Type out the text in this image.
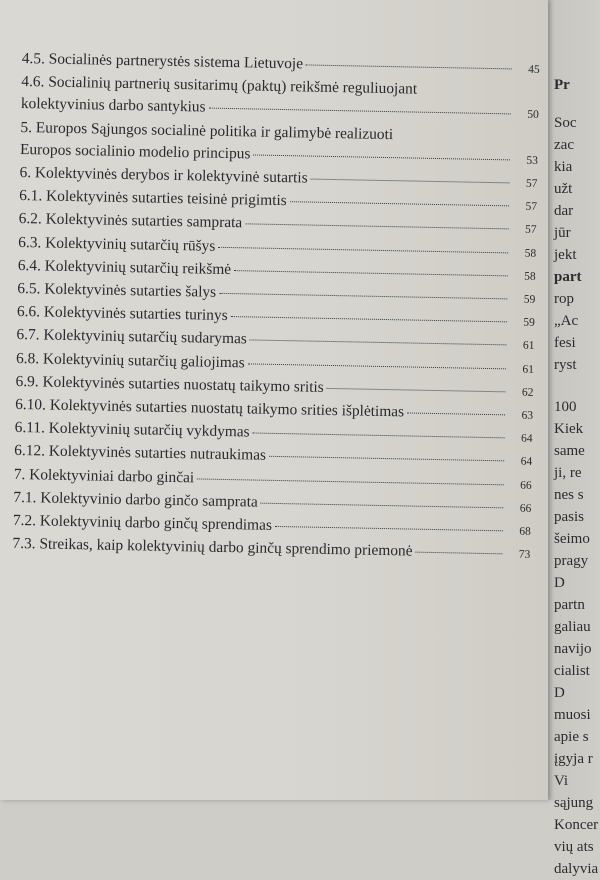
4.5. Socialinės partnerystės sistema Lietuvoje	45
4.6. Socialinių partnerių susitarimų (paktų) reikšmė reguliuojant
kolektyvinius darbo santykius	50
5. Europos Sąjungos socialinė politika ir galimybė realizuoti
Europos socialinio modelio principus	53
6. Kolektyvinės derybos ir kolektyvinė sutartis	57
6.1. Kolektyvinės sutarties teisinė prigimtis	57
6.2. Kolektyvinės sutarties samprata	57
6.3. Kolektyvinių sutarčių rūšys	58
6.4. Kolektyvinių sutarčių reikšmė	58
6.5. Kolektyvinės sutarties šalys	59
6.6. Kolektyvinės sutarties turinys	59
6.7. Kolektyvinių sutarčių sudarymas	61
6.8. Kolektyvinių sutarčių galiojimas	61
6.9. Kolektyvinės sutarties nuostatų taikymo sritis	62
6.10. Kolektyvinės sutarties nuostatų taikymo srities išplėtimas	63
6.11. Kolektyvinių sutarčių vykdymas	64
6.12. Kolektyvinės sutarties nutraukimas	64
7. Kolektyviniai darbo ginčai	66
7.1. Kolektyvinio darbo ginčo samprata	66
7.2. Kolektyvinių darbo ginčų sprendimas	68
7.3. Streikas, kaip kolektyvinių darbo ginčų sprendimo priemonė	73
Pr
Soc
zac
kia
užt
dar
jūr
jekt
part
rop
„Ac
fesi
ryst
100
Kiek
same
ji, re
nes s
pasis
šeimo
pragy
D
partn
galiau
navijo
cialist
D
muosi
apie s
įgyja r
Vi
sąjung
Koncer
vių ats
dalyvia
